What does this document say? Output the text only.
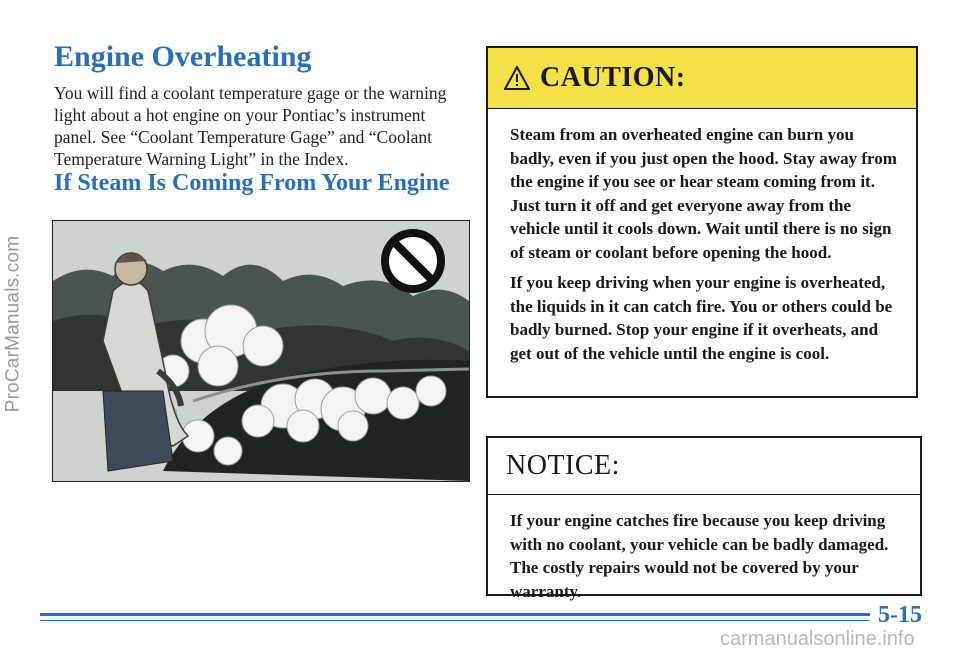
ProCarManuals.com
Engine Overheating

You will find a coolant temperature gage or the warning light about a hot engine on your Pontiac’s instrument panel. See “Coolant Temperature Gage” and “Coolant Temperature Warning Light” in the Index.

If Steam Is Coming From Your Engine
CAUTION:

Steam from an overheated engine can burn you badly, even if you just open the hood. Stay away from the engine if you see or hear steam coming from it. Just turn it off and get everyone away from the vehicle until it cools down. Wait until there is no sign of steam or coolant before opening the hood.

If you keep driving when your engine is overheated, the liquids in it can catch fire. You or others could be badly burned. Stop your engine if it overheats, and get out of the vehicle until the engine is cool.

NOTICE:

If your engine catches fire because you keep driving with no coolant, your vehicle can be badly damaged. The costly repairs would not be covered by your warranty.

5-15
carmanualsonline.info
